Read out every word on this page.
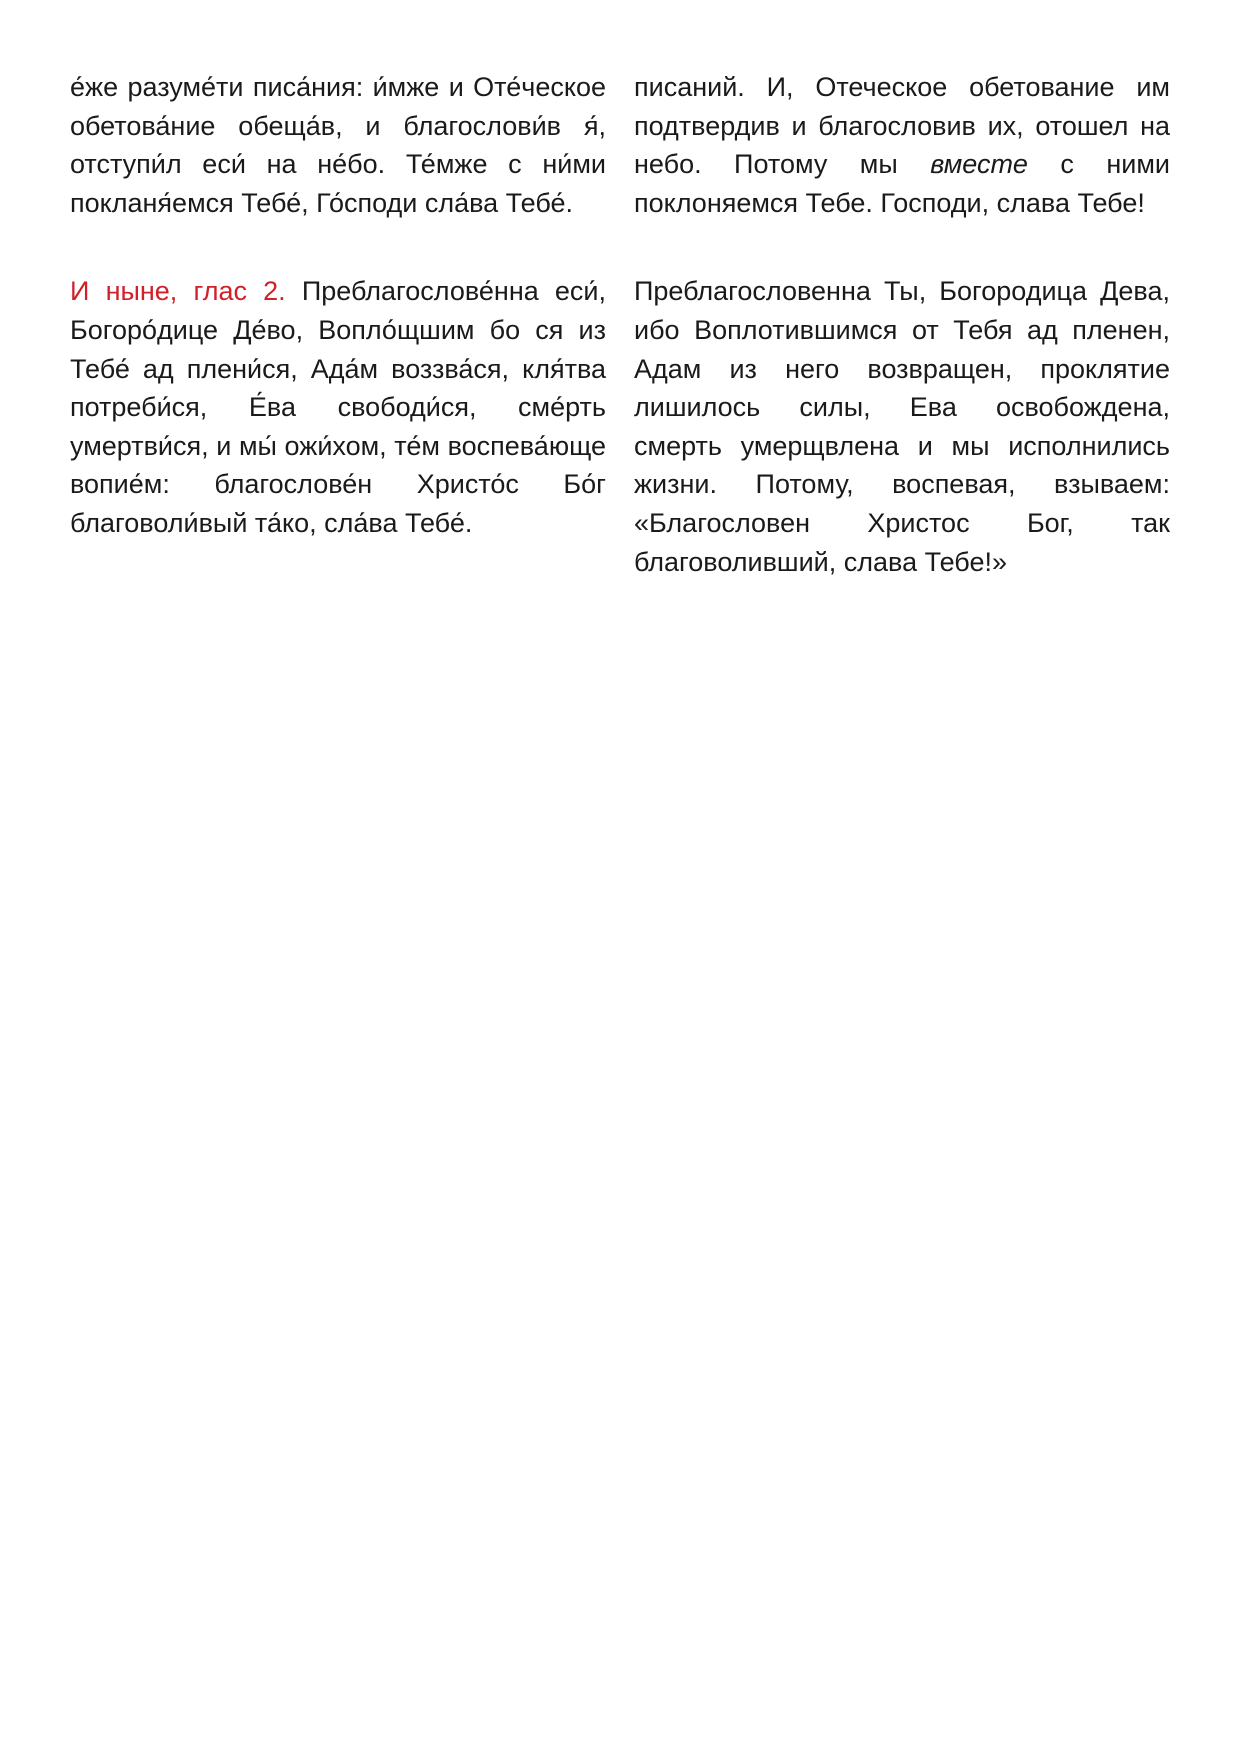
е́же разуме́ти писа́ния: и́мже и Оте́ческое обетова́ние обеща́в, и благослови́в я́, отступи́л еси́ на не́бо. Те́мже с ни́ми покланя́емся Тебе́, Го́споди сла́ва Тебе́.

писаний. И, Отеческое обетование им подтвердив и благословив их, отошел на небо. Потому мы вместе с ними поклоняемся Тебе. Господи, слава Тебе!

И ныне, глас 2. Преблагослове́нна еси́, Богоро́дице Де́во, Вопло́щшим бо ся из Тебе́ ад плени́ся, Ада́м воззва́ся, кля́тва потреби́ся, Е́ва свободи́ся, сме́рть умертви́ся, и мы́ ожи́хом, те́м воспева́юще вопие́м: благослове́н Христо́с Бо́г благоволи́вый та́ко, сла́ва Тебе́.

Преблагословенна Ты, Богородица Дева, ибо Воплотившимся от Тебя ад пленен, Адам из него возвращен, проклятие лишилось силы, Ева освобождена, смерть умерщвлена и мы исполнились жизни. Потому, воспевая, взываем: «Благословен Христос Бог, так благоволивший, слава Тебе!»
